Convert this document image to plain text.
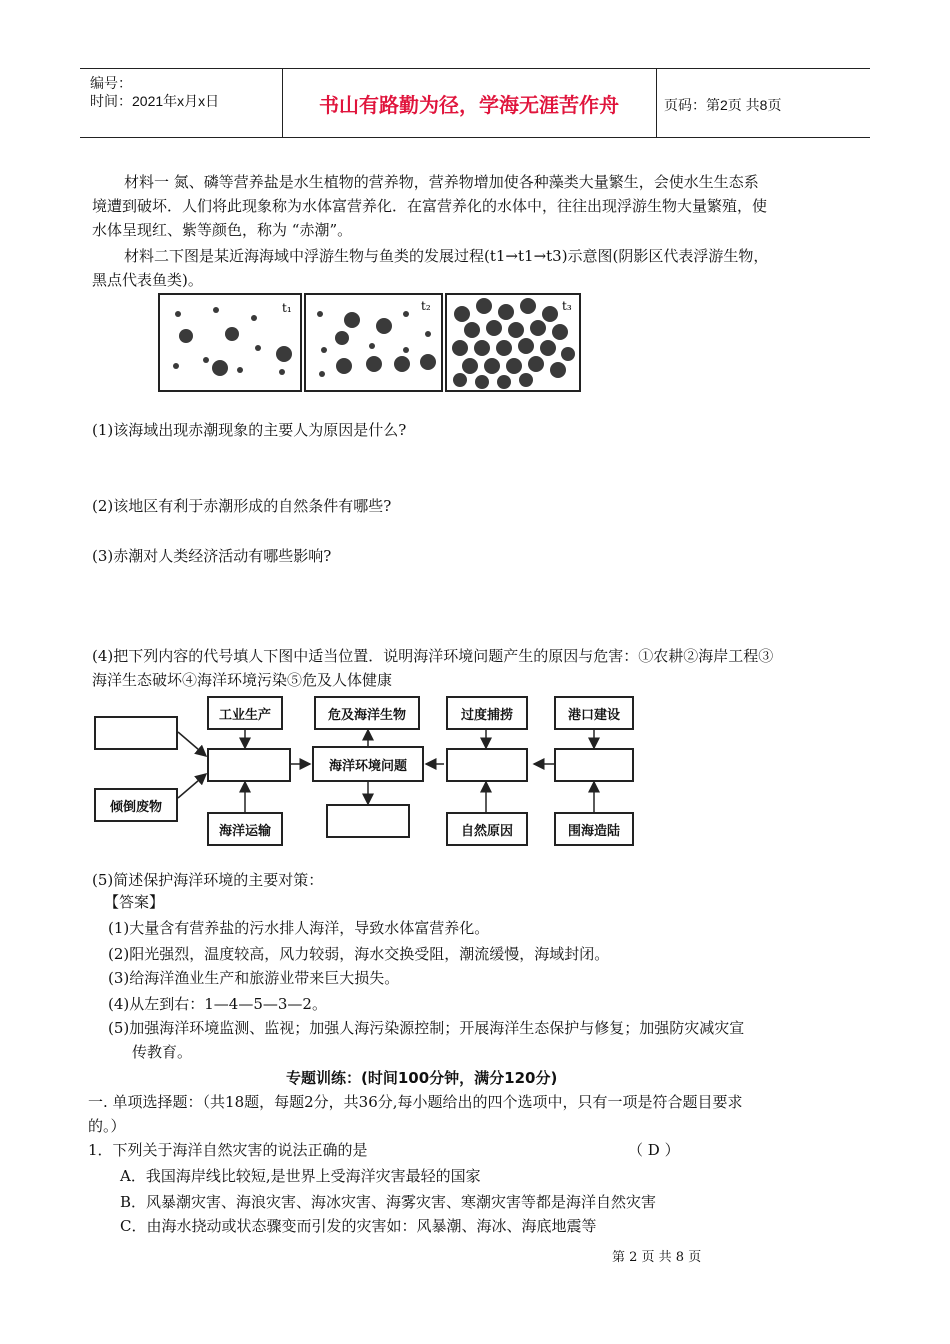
编号：
时间：2021年x月x日	书山有路勤为径，学海无涯苦作舟	页码：第2页 共8页
材料一 氮、磷等营养盐是水生植物的营养物，营养物增加使各种藻类大量繁生，会使水生生态系
境遭到破坏．人们将此现象称为水体富营养化．在富营养化的水体中，往往出现浮游生物大量繁殖，使
水体呈现红、紫等颜色，称为 “赤潮”。
材料二下图是某近海海域中浮游生物与鱼类的发展过程(t1→t1→t3)示意图(阴影区代表浮游生物，
黑点代表鱼类)。
t₁	t₂	t₃
(1)该海域出现赤潮现象的主要人为原因是什么?
(2)该地区有利于赤潮形成的自然条件有哪些?
(3)赤潮对人类经济活动有哪些影响?
(4)把下列内容的代号填人下图中适当位置．说明海洋环境问题产生的原因与危害：①农耕②海岸工程③
海洋生态破坏④海洋环境污染⑤危及人体健康
倾倒废物
工业生产
海洋运输
危及海洋生物
海洋环境问题
过度捕捞
自然原因
港口建设
围海造陆
(5)简述保护海洋环境的主要对策：
【答案】
(1)大量含有营养盐的污水排人海洋，导致水体富营养化。
(2)阳光强烈，温度较高，风力较弱，海水交换受阻，潮流缓慢，海域封闭。
(3)给海洋渔业生产和旅游业带来巨大损失。
(4)从左到右：1—4—5—3—2。
(5)加强海洋环境监测、监视；加强人海污染源控制；开展海洋生态保护与修复；加强防灾减灾宣
传教育。
专题训练：(时间100分钟，满分120分)
一. 单项选择题：（共18题，每题2分，共36分,每小题给出的四个选项中，只有一项是符合题目要求
的。）
1．下列关于海洋自然灾害的说法正确的是	（ D ）
A．我国海岸线比较短,是世界上受海洋灾害最轻的国家
B．风暴潮灾害、海浪灾害、海冰灾害、海雾灾害、寒潮灾害等都是海洋自然灾害
C．由海水挠动或状态骤变而引发的灾害如：风暴潮、海冰、海底地震等
第 2 页 共 8 页
